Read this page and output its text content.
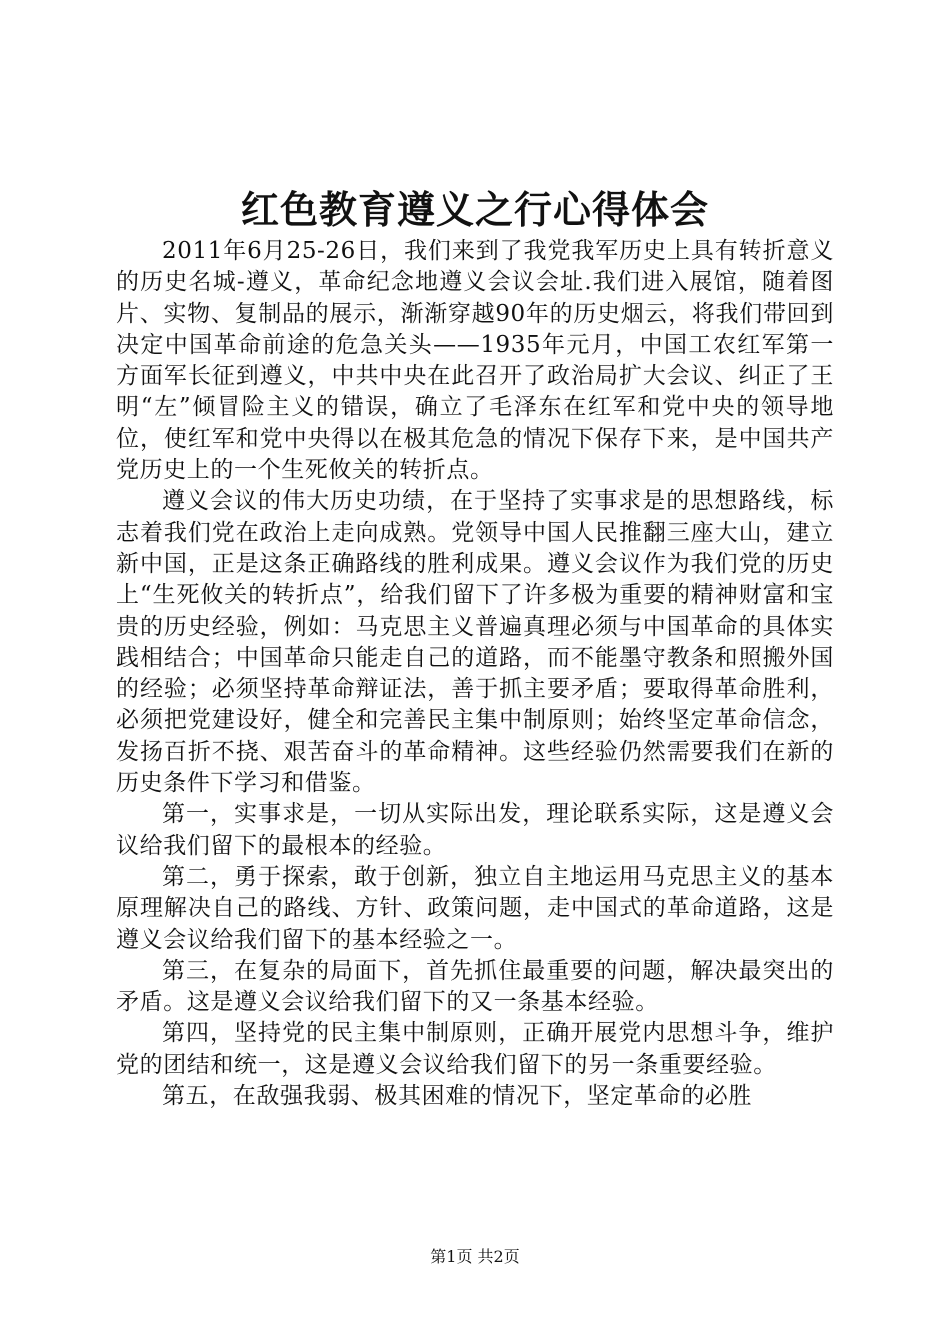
红色教育遵义之行心得体会

2011年6月25-26日，我们来到了我党我军历史上具有转折意义的历史名城-遵义，革命纪念地遵义会议会址.我们进入展馆，随着图片、实物、复制品的展示，渐渐穿越90年的历史烟云，将我们带回到决定中国革命前途的危急关头——1935年元月，中国工农红军第一方面军长征到遵义，中共中央在此召开了政治局扩大会议、纠正了王明“左”倾冒险主义的错误，确立了毛泽东在红军和党中央的领导地位，使红军和党中央得以在极其危急的情况下保存下来，是中国共产党历史上的一个生死攸关的转折点。

遵义会议的伟大历史功绩，在于坚持了实事求是的思想路线，标志着我们党在政治上走向成熟。党领导中国人民推翻三座大山，建立新中国，正是这条正确路线的胜利成果。遵义会议作为我们党的历史上“生死攸关的转折点”，给我们留下了许多极为重要的精神财富和宝贵的历史经验，例如：马克思主义普遍真理必须与中国革命的具体实践相结合；中国革命只能走自己的道路，而不能墨守教条和照搬外国的经验；必须坚持革命辩证法，善于抓主要矛盾；要取得革命胜利，必须把党建设好，健全和完善民主集中制原则；始终坚定革命信念，发扬百折不挠、艰苦奋斗的革命精神。这些经验仍然需要我们在新的历史条件下学习和借鉴。

第一，实事求是，一切从实际出发，理论联系实际，这是遵义会议给我们留下的最根本的经验。

第二，勇于探索，敢于创新，独立自主地运用马克思主义的基本原理解决自己的路线、方针、政策问题，走中国式的革命道路，这是遵义会议给我们留下的基本经验之一。

第三，在复杂的局面下，首先抓住最重要的问题，解决最突出的矛盾。这是遵义会议给我们留下的又一条基本经验。

第四，坚持党的民主集中制原则，正确开展党内思想斗争，维护党的团结和统一，这是遵义会议给我们留下的另一条重要经验。

第五，在敌强我弱、极其困难的情况下，坚定革命的必胜

第1页 共2页
